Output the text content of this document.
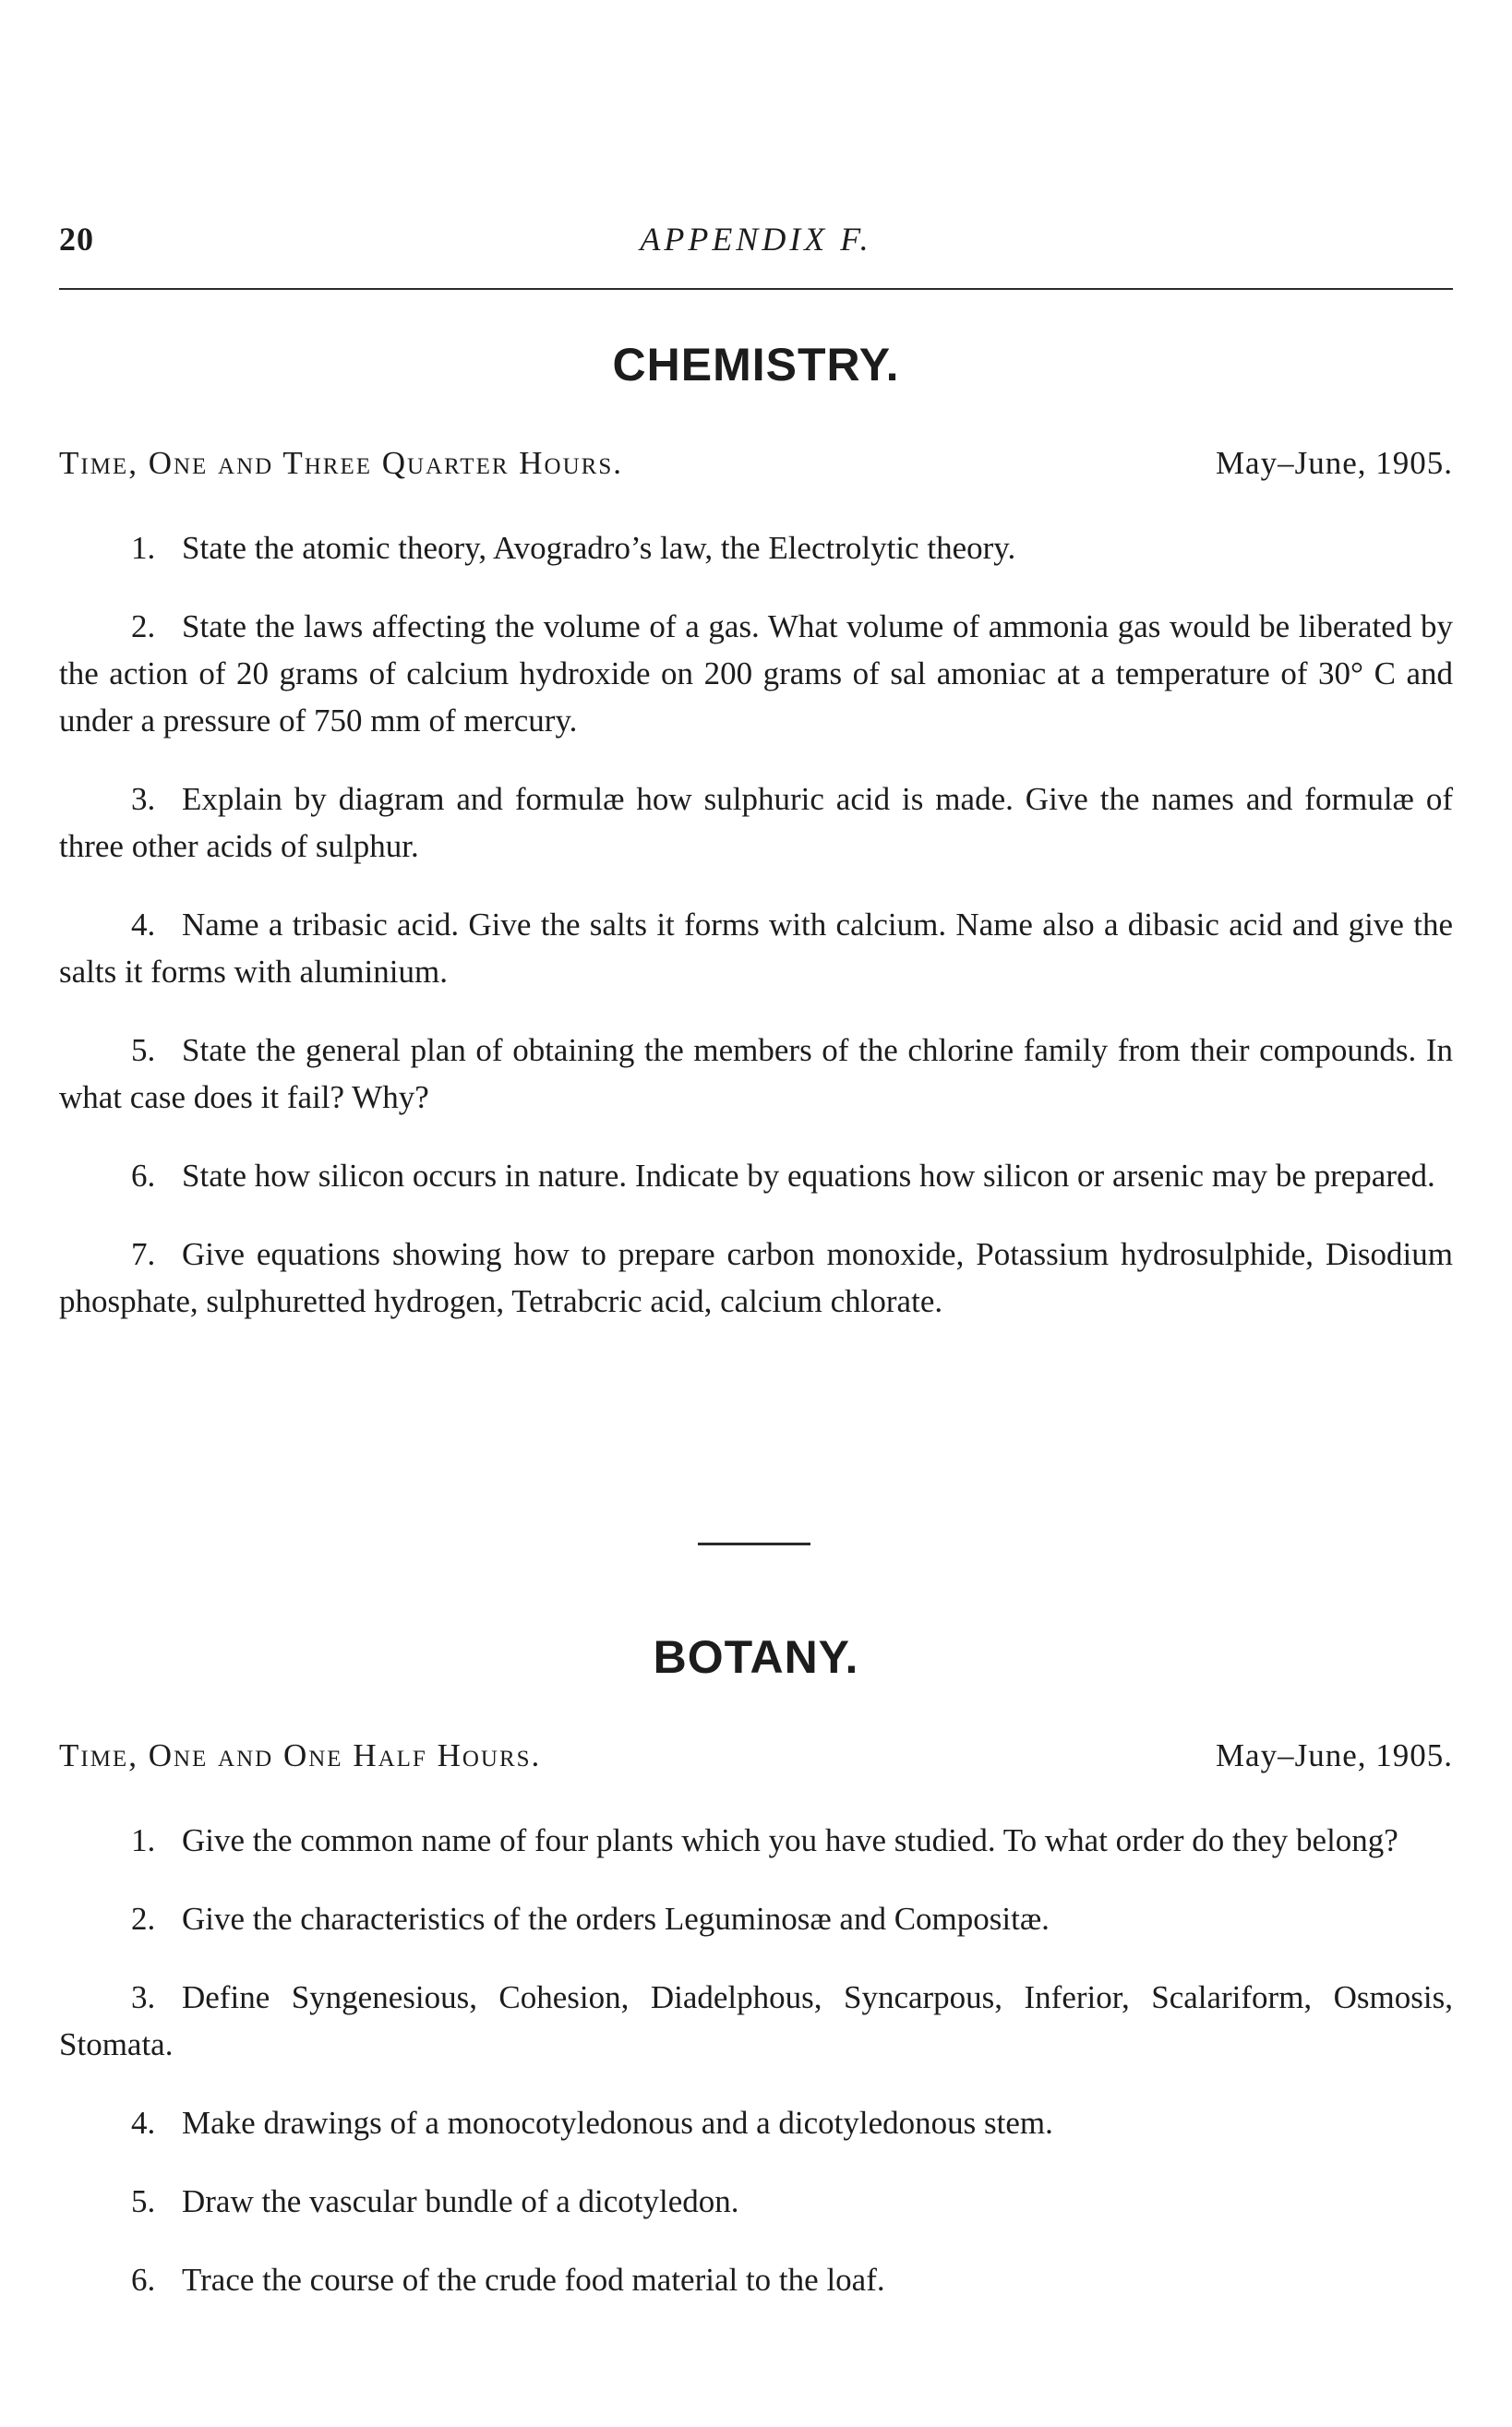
20	APPENDIX F.
CHEMISTRY.
Time, One and Three Quarter Hours.	May–June, 1905.

1. State the atomic theory, Avogradro’s law, the Electrolytic theory.

2. State the laws affecting the volume of a gas. What volume of ammonia gas would be liberated by the action of 20 grams of calcium hydroxide on 200 grams of sal amoniac at a temperature of 30° C and under a pressure of 750 mm of mercury.

3. Explain by diagram and formulæ how sulphuric acid is made. Give the names and formulæ of three other acids of sulphur.

4. Name a tribasic acid. Give the salts it forms with calcium. Name also a dibasic acid and give the salts it forms with aluminium.

5. State the general plan of obtaining the members of the chlorine family from their compounds. In what case does it fail? Why?

6. State how silicon occurs in nature. Indicate by equations how silicon or arsenic may be prepared.

7. Give equations showing how to prepare carbon monoxide, Potassium hydrosulphide, Disodium phosphate, sulphuretted hydrogen, Tetrabcric acid, calcium chlorate.

BOTANY.
Time, One and One Half Hours.	May–June, 1905.

1. Give the common name of four plants which you have studied. To what order do they belong?

2. Give the characteristics of the orders Leguminosæ and Compositæ.

3. Define Syngenesious, Cohesion, Diadelphous, Syncarpous, Inferior, Scalariform, Osmosis, Stomata.

4. Make drawings of a monocotyledonous and a dicotyledonous stem.

5. Draw the vascular bundle of a dicotyledon.

6. Trace the course of the crude food material to the loaf.
